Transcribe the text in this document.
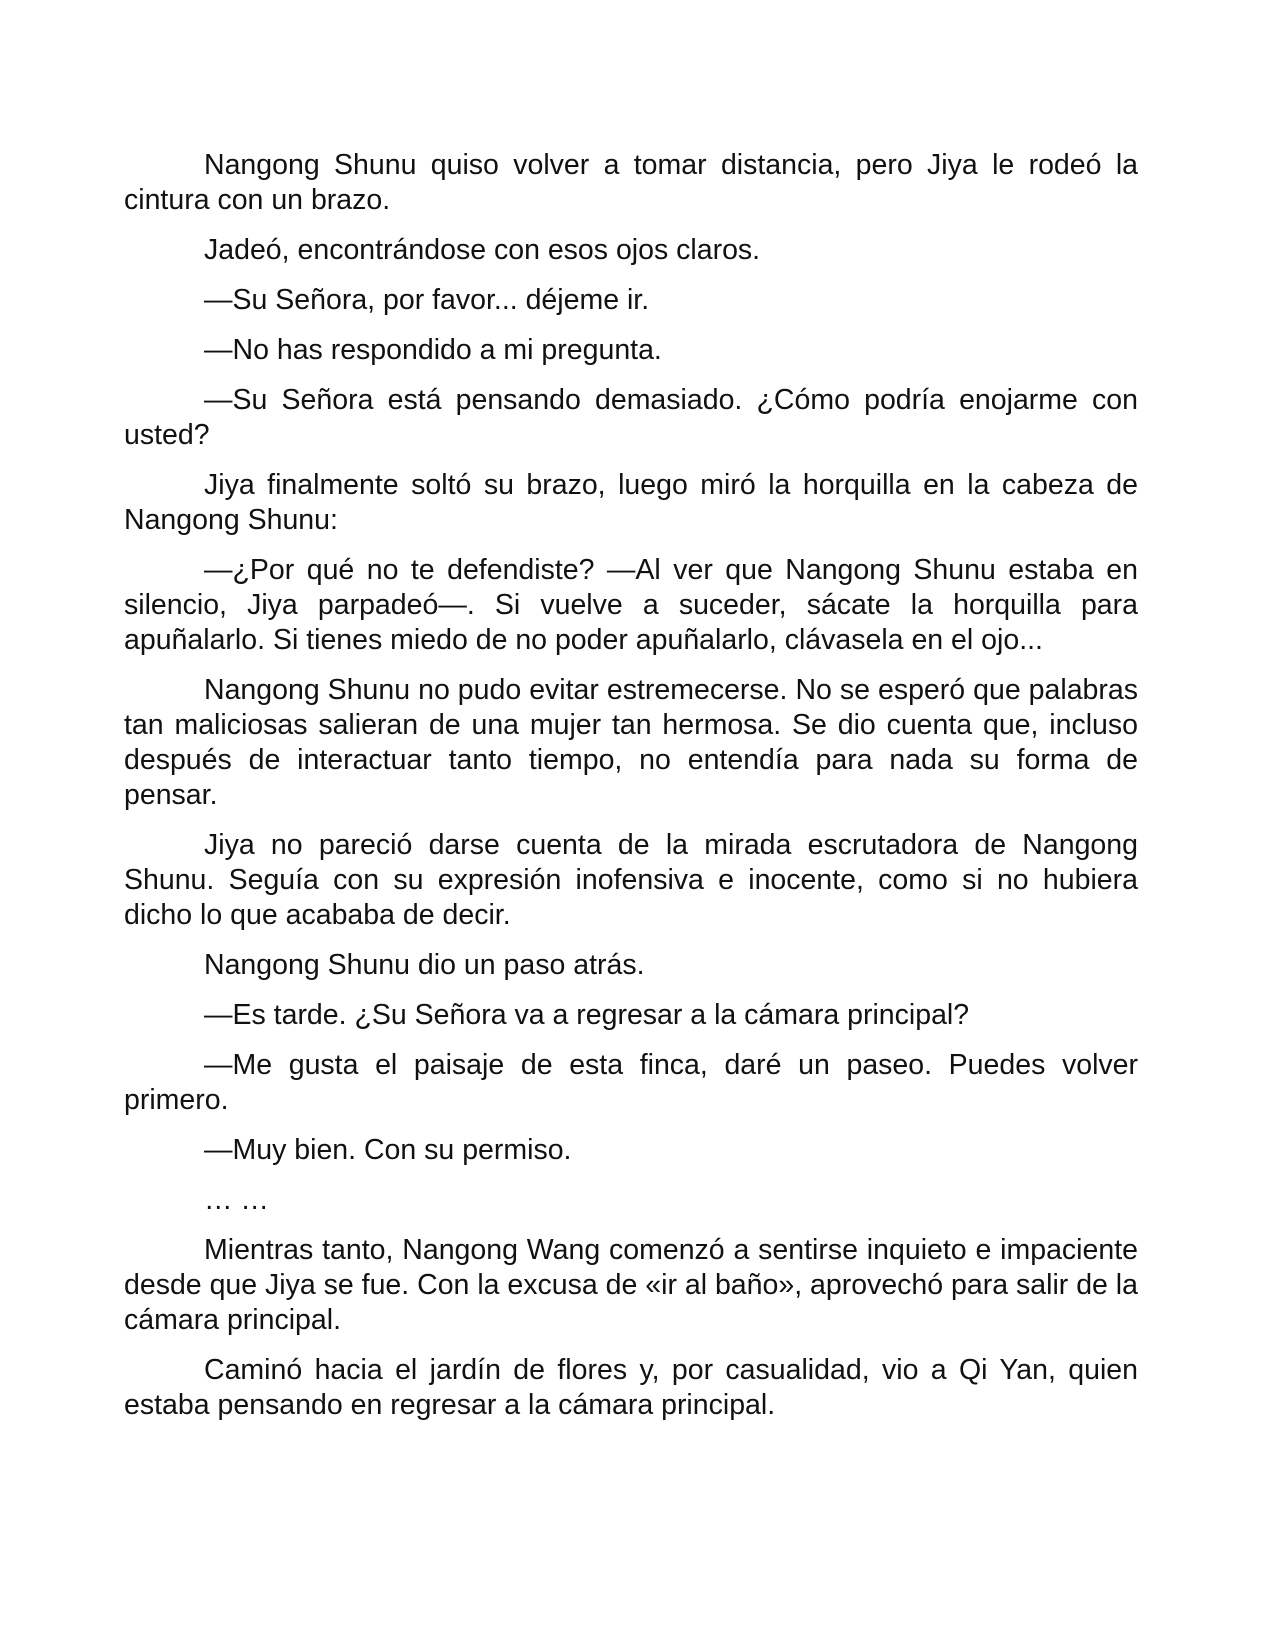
Nangong Shunu quiso volver a tomar distancia, pero Jiya le rodeó la cintura con un brazo.

Jadeó, encontrándose con esos ojos claros.

—Su Señora, por favor... déjeme ir.

—No has respondido a mi pregunta.

—Su Señora está pensando demasiado. ¿Cómo podría enojarme con usted?

Jiya finalmente soltó su brazo, luego miró la horquilla en la cabeza de Nangong Shunu:

—¿Por qué no te defendiste? —Al ver que Nangong Shunu estaba en silencio, Jiya parpadeó—. Si vuelve a suceder, sácate la horquilla para apuñalarlo. Si tienes miedo de no poder apuñalarlo, clávasela en el ojo...

Nangong Shunu no pudo evitar estremecerse. No se esperó que palabras tan maliciosas salieran de una mujer tan hermosa. Se dio cuenta que, incluso después de interactuar tanto tiempo, no entendía para nada su forma de pensar.

Jiya no pareció darse cuenta de la mirada escrutadora de Nangong Shunu. Seguía con su expresión inofensiva e inocente, como si no hubiera dicho lo que acababa de decir.

Nangong Shunu dio un paso atrás.

—Es tarde. ¿Su Señora va a regresar a la cámara principal?

—Me gusta el paisaje de esta finca, daré un paseo. Puedes volver primero.

—Muy bien. Con su permiso.

… …

Mientras tanto, Nangong Wang comenzó a sentirse inquieto e impaciente desde que Jiya se fue. Con la excusa de «ir al baño», aprovechó para salir de la cámara principal.

Caminó hacia el jardín de flores y, por casualidad, vio a Qi Yan, quien estaba pensando en regresar a la cámara principal.
